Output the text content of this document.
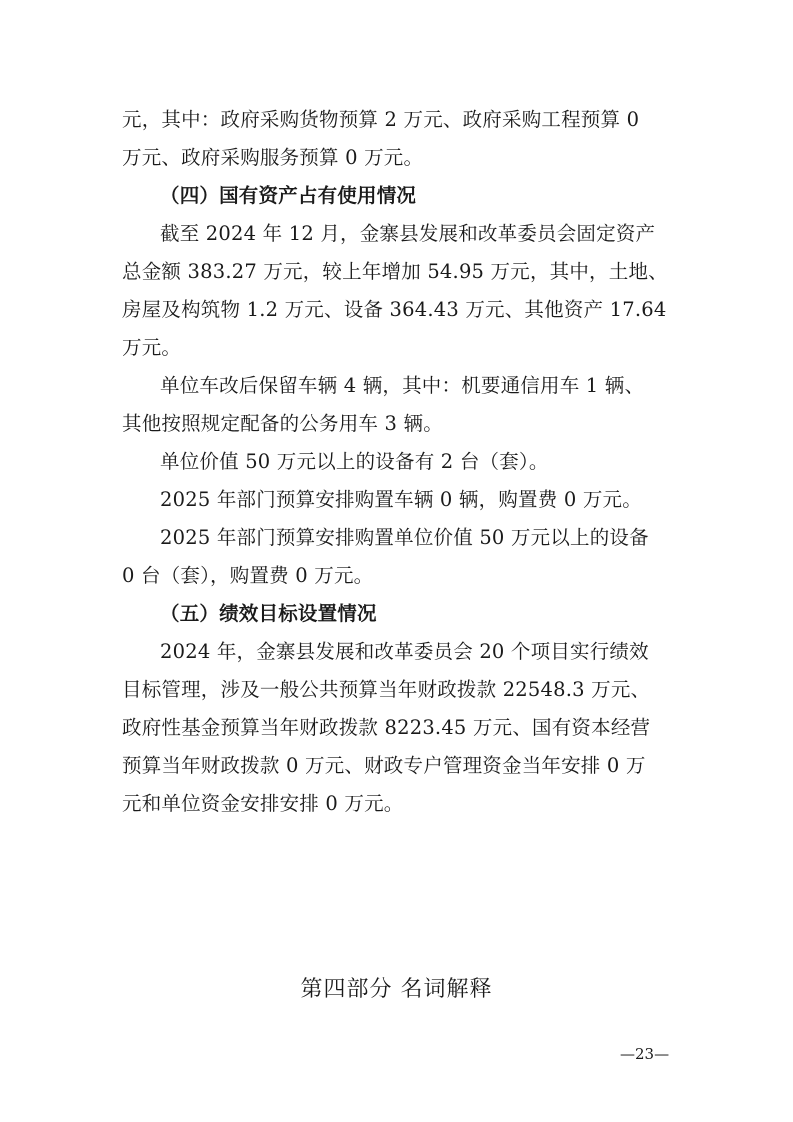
元，其中：政府采购货物预算 2 万元、政府采购工程预算 0
万元、政府采购服务预算 0 万元。
（四）国有资产占有使用情况
截至 2024 年 12 月，金寨县发展和改革委员会固定资产
总金额 383.27 万元，较上年增加 54.95 万元，其中，土地、
房屋及构筑物 1.2 万元、设备 364.43 万元、其他资产 17.64
万元。
单位车改后保留车辆 4 辆，其中：机要通信用车 1 辆、
其他按照规定配备的公务用车 3 辆。
单位价值 50 万元以上的设备有 2 台（套）。
2025 年部门预算安排购置车辆 0 辆，购置费 0 万元。
2025 年部门预算安排购置单位价值 50 万元以上的设备
0 台（套），购置费 0 万元。
（五）绩效目标设置情况
2024 年，金寨县发展和改革委员会 20 个项目实行绩效
目标管理，涉及一般公共预算当年财政拨款 22548.3 万元、
政府性基金预算当年财政拨款 8223.45 万元、国有资本经营
预算当年财政拨款 0 万元、财政专户管理资金当年安排 0 万
元和单位资金安排安排 0 万元。
第四部分 名词解释
—23—
